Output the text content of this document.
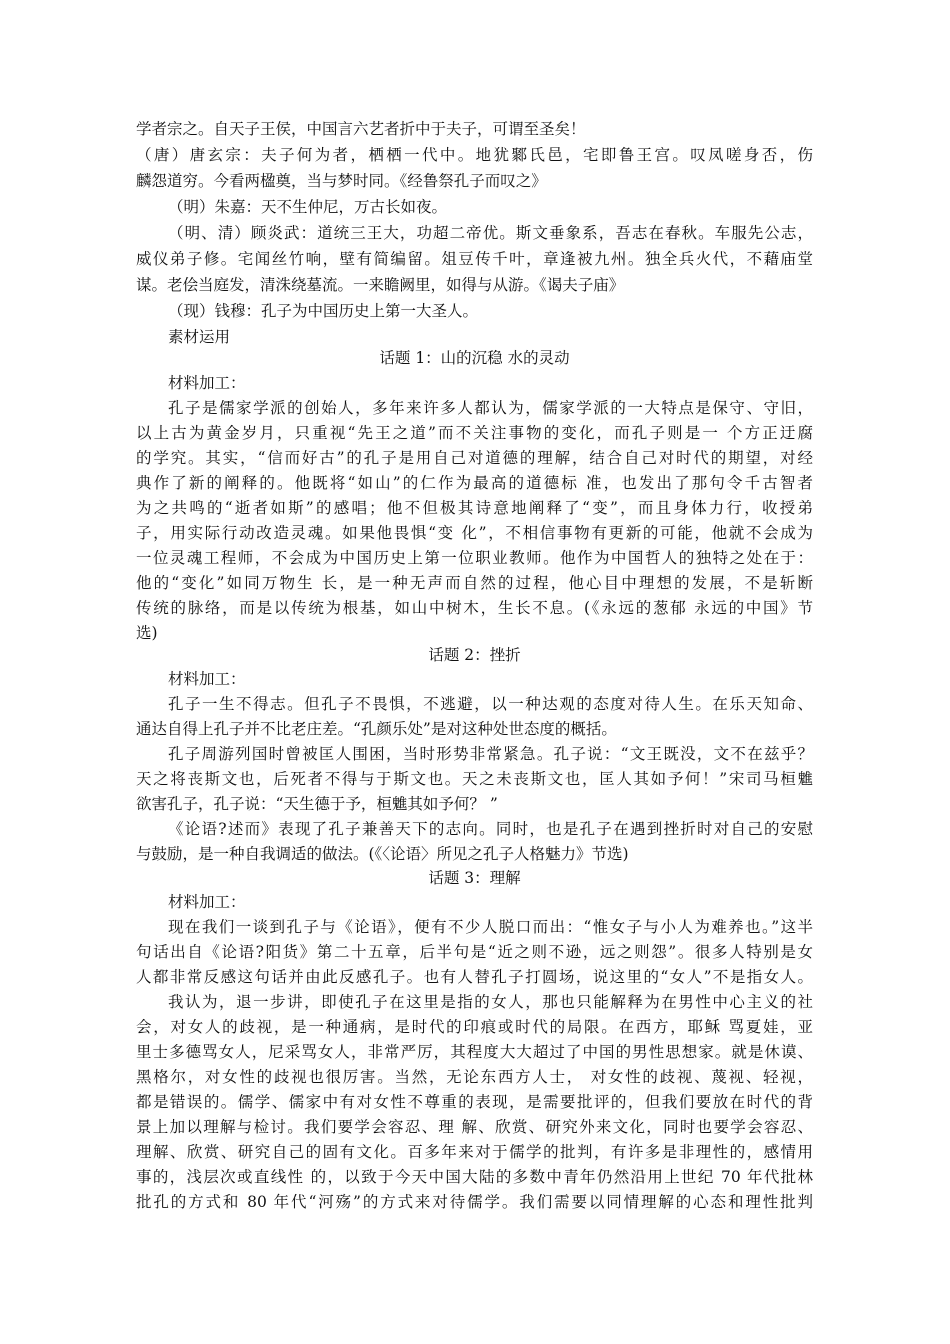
学者宗之。自天子王侯，中国言六艺者折中于夫子，可谓至圣矣！
（唐）唐玄宗：夫子何为者，栖栖一代中。地犹鄹氏邑，宅即鲁王宫。叹凤嗟身否，伤
麟怨道穷。今看两楹奠，当与梦时同。《经鲁祭孔子而叹之》
（明）朱嘉：天不生仲尼，万古长如夜。
（明、清）顾炎武：道统三王大，功超二帝优。斯文垂象系，吾志在春秋。车服先公志，
威仪弟子修。宅闻丝竹响，壁有简编留。俎豆传千叶，章逢被九州。独全兵火代，不藉庙堂
谋。老侩当庭发，清洙绕墓流。一来瞻阙里，如得与从游。《谒夫子庙》
（现）钱穆：孔子为中国历史上第一大圣人。
素材运用
话题 1：山的沉稳 水的灵动
材料加工：
孔子是儒家学派的创始人，多年来许多人都认为，儒家学派的一大特点是保守、守旧，
以上古为黄金岁月，只重视“先王之道”而不关注事物的变化，而孔子则是一 个方正迂腐
的学究。其实，“信而好古”的孔子是用自己对道德的理解，结合自己对时代的期望，对经
典作了新的阐释的。他既将“如山”的仁作为最高的道德标 准，也发出了那句令千古智者
为之共鸣的“逝者如斯”的感唱；他不但极其诗意地阐释了“变”，而且身体力行，收授弟
子，用实际行动改造灵魂。如果他畏惧“变 化”，不相信事物有更新的可能，他就不会成为
一位灵魂工程师，不会成为中国历史上第一位职业教师。他作为中国哲人的独特之处在于：
他的“变化”如同万物生 长，是一种无声而自然的过程，他心目中理想的发展，不是斩断
传统的脉络，而是以传统为根基，如山中树木，生长不息。(《永远的葱郁 永远的中国》节
选)
话题 2：挫折
材料加工：
孔子一生不得志。但孔子不畏惧，不逃避，以一种达观的态度对待人生。在乐天知命、
通达自得上孔子并不比老庄差。“孔颜乐处”是对这种处世态度的概括。
孔子周游列国时曾被匡人围困，当时形势非常紧急。孔子说：“文王既没，文不在兹乎？
天之将丧斯文也，后死者不得与于斯文也。天之未丧斯文也，匡人其如予何！”宋司马桓魋
欲害孔子，孔子说：“天生德于予，桓魋其如予何？ ”
《论语?述而》表现了孔子兼善天下的志向。同时，也是孔子在遇到挫折时对自己的安慰
与鼓励，是一种自我调适的做法。(《〈论语〉所见之孔子人格魅力》节选)
话题 3：理解
材料加工：
现在我们一谈到孔子与《论语》，便有不少人脱口而出：“惟女子与小人为难养也。”这半
句话出自《论语?阳货》第二十五章，后半句是“近之则不逊，远之则怨”。很多人特别是女
人都非常反感这句话并由此反感孔子。也有人替孔子打圆场，说这里的“女人”不是指女人。
我认为，退一步讲，即使孔子在这里是指的女人，那也只能解释为在男性中心主义的社
会，对女人的歧视，是一种通病，是时代的印痕或时代的局限。在西方，耶稣 骂夏娃，亚
里士多德骂女人，尼采骂女人，非常严厉，其程度大大超过了中国的男性思想家。就是休谟、
黑格尔，对女性的歧视也很厉害。当然，无论东西方人士， 对女性的歧视、蔑视、轻视，
都是错误的。儒学、儒家中有对女性不尊重的表现，是需要批评的，但我们要放在时代的背
景上加以理解与检讨。我们要学会容忍、理 解、欣赏、研究外来文化，同时也要学会容忍、
理解、欣赏、研究自己的固有文化。百多年来对于儒学的批判，有许多是非理性的，感情用
事的，浅层次或直线性 的，以致于今天中国大陆的多数中青年仍然沿用上世纪 70 年代批林
批孔的方式和 80 年代“河殇”的方式来对待儒学。我们需要以同情理解的心态和理性批判
